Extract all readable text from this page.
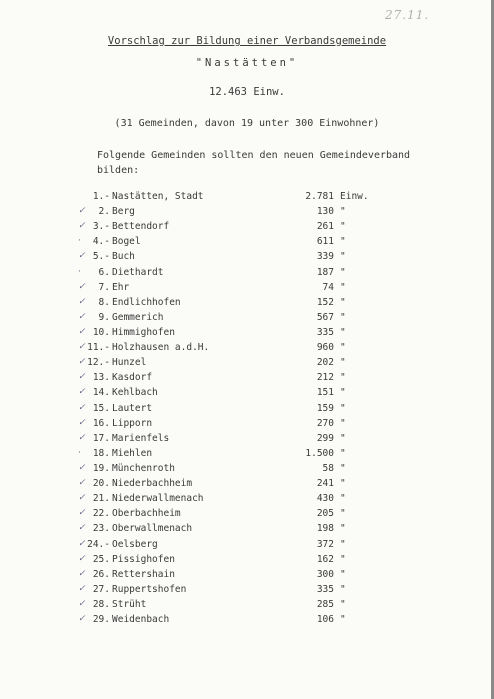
27.11.
Vorschlag zur Bildung einer Verbandsgemeinde
"Nastätten"
12.463 Einw.
(31 Gemeinden, davon 19 unter 300 Einwohner)
Folgende Gemeinden sollten den neuen Gemeindeverband bilden:
1.- Nastätten, Stadt	2.781 Einw.
✓	2. Berg	130 "
✓ 3.- Bettendorf	261 "
·	4.- Bogel	611 "
✓ 5.- Buch	339 "
·	6. Diethardt	187 "
✓	7. Ehr	74 "
✓	8. Endlichhofen	152 "
✓	9. Gemmerich	567 "
✓ 10. Himmighofen	335 "
✓ 11.- Holzhausen a.d.H.	960 "
✓ 12.- Hunzel	202 "
✓ 13. Kasdorf	212 "
✓ 14. Kehlbach	151 "
✓ 15. Lautert	159 "
✓ 16. Lipporn	270 "
✓ 17. Marienfels	299 "
·	18. Miehlen	1.500 "
✓ 19. Münchenroth	58 "
✓ 20. Niederbachheim	241 "
✓ 21. Niederwallmenach	430 "
✓ 22. Oberbachheim	205 "
✓ 23. Oberwallmenach	198 "
✓ 24.- Oelsberg	372 "
✓ 25. Pissighofen	162 "
✓ 26. Rettershain	300 "
✓ 27. Ruppertshofen	335 "
✓ 28. Strüht	285 "
✓ 29. Weidenbach	106 "
